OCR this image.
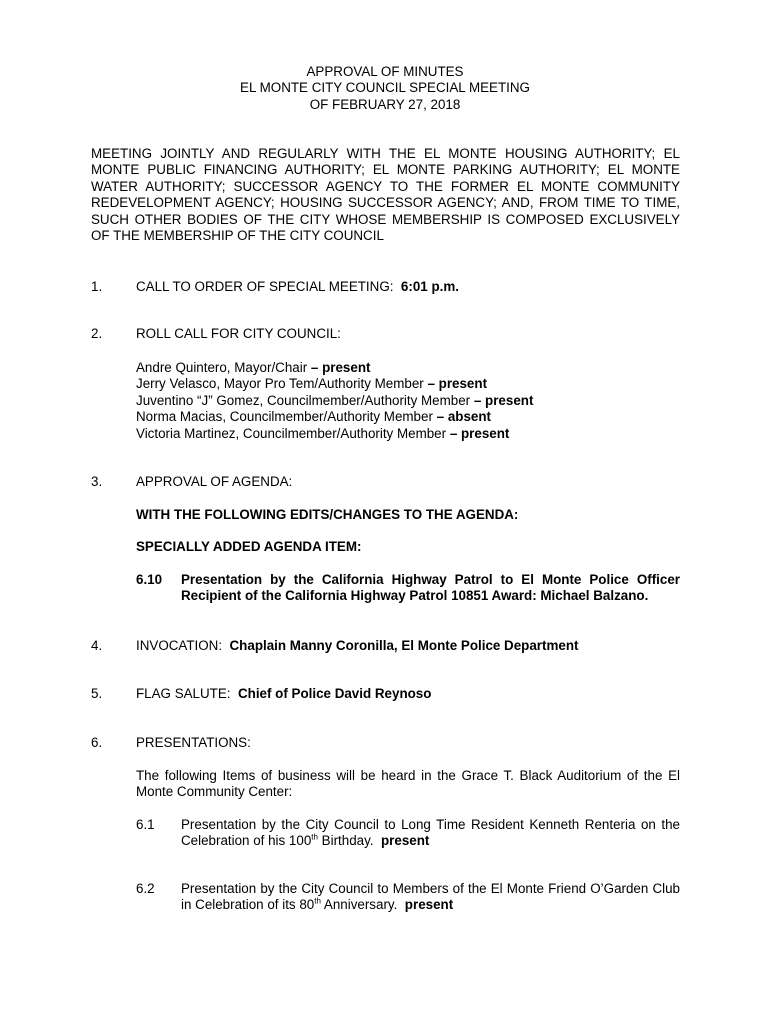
APPROVAL OF MINUTES
EL MONTE CITY COUNCIL SPECIAL MEETING
OF FEBRUARY 27, 2018
MEETING JOINTLY AND REGULARLY WITH THE EL MONTE HOUSING AUTHORITY; EL MONTE PUBLIC FINANCING AUTHORITY; EL MONTE PARKING AUTHORITY; EL MONTE WATER AUTHORITY; SUCCESSOR AGENCY TO THE FORMER EL MONTE COMMUNITY REDEVELOPMENT AGENCY; HOUSING SUCCESSOR AGENCY; AND, FROM TIME TO TIME, SUCH OTHER BODIES OF THE CITY WHOSE MEMBERSHIP IS COMPOSED EXCLUSIVELY OF THE MEMBERSHIP OF THE CITY COUNCIL
1.	CALL TO ORDER OF SPECIAL MEETING: 6:01 p.m.
2.	ROLL CALL FOR CITY COUNCIL:
Andre Quintero, Mayor/Chair – present
Jerry Velasco, Mayor Pro Tem/Authority Member – present
Juventino “J” Gomez, Councilmember/Authority Member – present
Norma Macias, Councilmember/Authority Member – absent
Victoria Martinez, Councilmember/Authority Member – present
3.	APPROVAL OF AGENDA:
WITH THE FOLLOWING EDITS/CHANGES TO THE AGENDA:
SPECIALLY ADDED AGENDA ITEM:
6.10	Presentation by the California Highway Patrol to El Monte Police Officer Recipient of the California Highway Patrol 10851 Award: Michael Balzano.
4.	INVOCATION: Chaplain Manny Coronilla, El Monte Police Department
5.	FLAG SALUTE: Chief of Police David Reynoso
6.	PRESENTATIONS:
The following Items of business will be heard in the Grace T. Black Auditorium of the El Monte Community Center:
6.1	Presentation by the City Council to Long Time Resident Kenneth Renteria on the Celebration of his 100th Birthday. present
6.2	Presentation by the City Council to Members of the El Monte Friend O’Garden Club in Celebration of its 80th Anniversary. present
